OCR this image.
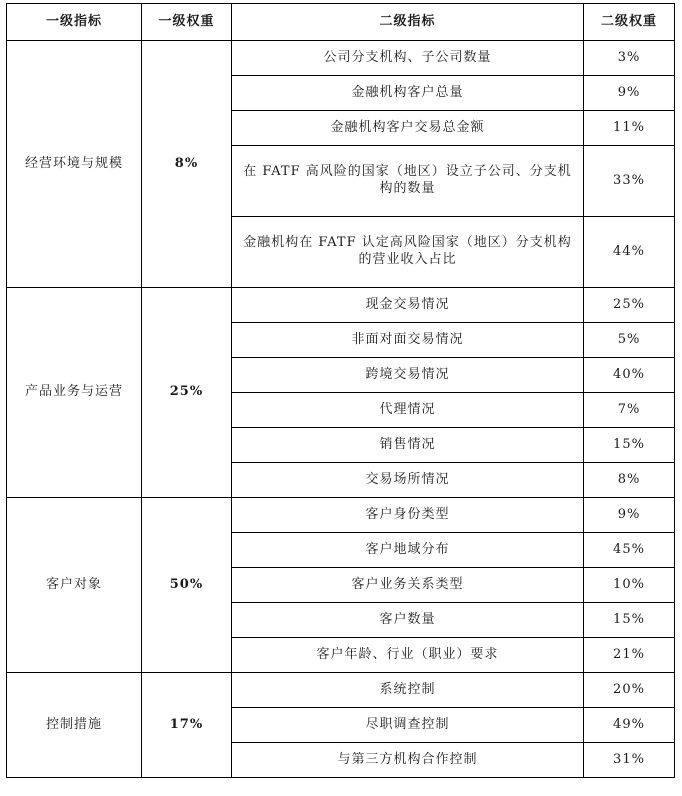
一级指标	一级权重	二级指标	二级权重
经营环境与规模	8%	公司分支机构、子公司数量	3%
		金融机构客户总量	9%
		金融机构客户交易总金额	11%
		在 FATF 高风险的国家（地区）设立子公司、分支机构的数量	33%
		金融机构在 FATF 认定高风险国家（地区）分支机构的营业收入占比	44%
产品业务与运营	25%	现金交易情况	25%
		非面对面交易情况	5%
		跨境交易情况	40%
		代理情况	7%
		销售情况	15%
		交易场所情况	8%
客户对象	50%	客户身份类型	9%
		客户地域分布	45%
		客户业务关系类型	10%
		客户数量	15%
		客户年龄、行业（职业）要求	21%
控制措施	17%	系统控制	20%
		尽职调查控制	49%
		与第三方机构合作控制	31%
